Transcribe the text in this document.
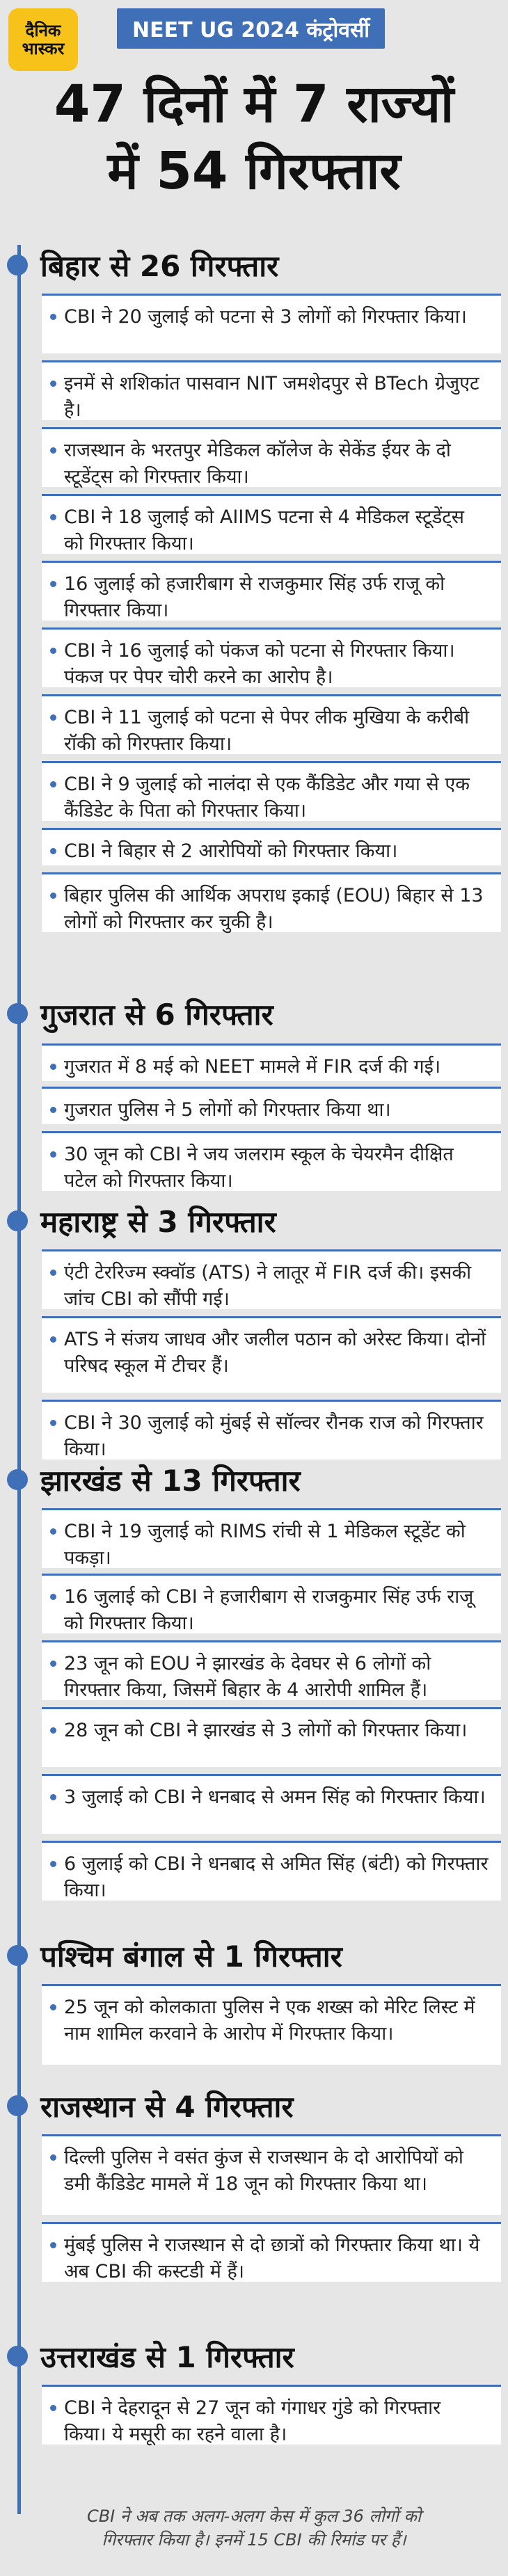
दैनिक
भास्कर
NEET UG 2024 कंट्रोवर्सी
47 दिनों में 7 राज्यों
में 54 गिरफ्तार
बिहार से 26 गिरफ्तार
CBI ने 20 जुलाई को पटना से 3 लोगों को गिरफ्तार किया।
इनमें से शशिकांत पासवान NIT जमशेदपुर से BTech ग्रेजुएट है।
राजस्थान के भरतपुर मेडिकल कॉलेज के सेकेंड ईयर के दो स्टूडेंट्स को गिरफ्तार किया।
CBI ने 18 जुलाई को AIIMS पटना से 4 मेडिकल स्टूडेंट्स को गिरफ्तार किया।
16 जुलाई को हजारीबाग से राजकुमार सिंह उर्फ राजू को गिरफ्तार किया।
CBI ने 16 जुलाई को पंकज को पटना से गिरफ्तार किया। पंकज पर पेपर चोरी करने का आरोप है।
CBI ने 11 जुलाई को पटना से पेपर लीक मुखिया के करीबी रॉकी को गिरफ्तार किया।
CBI ने 9 जुलाई को नालंदा से एक कैंडिडेट और गया से एक कैंडिडेट के पिता को गिरफ्तार किया।
CBI ने बिहार से 2 आरोपियों को गिरफ्तार किया।
बिहार पुलिस की आर्थिक अपराध इकाई (EOU) बिहार से 13 लोगों को गिरफ्तार कर चुकी है।
गुजरात से 6 गिरफ्तार
गुजरात में 8 मई को NEET मामले में FIR दर्ज की गई।
गुजरात पुलिस ने 5 लोगों को गिरफ्तार किया था।
30 जून को CBI ने जय जलराम स्कूल के चेयरमैन दीक्षित पटेल को गिरफ्तार किया।
महाराष्ट्र से 3 गिरफ्तार
एंटी टेररिज्म स्क्वॉड (ATS) ने लातूर में FIR दर्ज की। इसकी जांच CBI को सौंपी गई।
ATS ने संजय जाधव और जलील पठान को अरेस्ट किया। दोनों परिषद स्कूल में टीचर हैं।
CBI ने 30 जुलाई को मुंबई से सॉल्वर रौनक राज को गिरफ्तार किया।
झारखंड से 13 गिरफ्तार
CBI ने 19 जुलाई को RIMS रांची से 1 मेडिकल स्टूडेंट को पकड़ा।
16 जुलाई को CBI ने हजारीबाग से राजकुमार सिंह उर्फ राजू को गिरफ्तार किया।
23 जून को EOU ने झारखंड के देवघर से 6 लोगों को गिरफ्तार किया, जिसमें बिहार के 4 आरोपी शामिल हैं।
28 जून को CBI ने झारखंड से 3 लोगों को गिरफ्तार किया।
3 जुलाई को CBI ने धनबाद से अमन सिंह को गिरफ्तार किया।
6 जुलाई को CBI ने धनबाद से अमित सिंह (बंटी) को गिरफ्तार किया।
पश्चिम बंगाल से 1 गिरफ्तार
25 जून को कोलकाता पुलिस ने एक शख्स को मेरिट लिस्ट में नाम शामिल करवाने के आरोप में गिरफ्तार किया।
राजस्थान से 4 गिरफ्तार
दिल्ली पुलिस ने वसंत कुंज से राजस्थान के दो आरोपियों को डमी कैंडिडेट मामले में 18 जून को गिरफ्तार किया था।
मुंबई पुलिस ने राजस्थान से दो छात्रों को गिरफ्तार किया था। ये अब CBI की कस्टडी में हैं।
उत्तराखंड से 1 गिरफ्तार
CBI ने देहरादून से 27 जून को गंगाधर गुंडे को गिरफ्तार किया। ये मसूरी का रहने वाला है।
CBI ने अब तक अलग-अलग केस में कुल 36 लोगों को
गिरफ्तार किया है। इनमें 15 CBI की रिमांड पर हैं।
